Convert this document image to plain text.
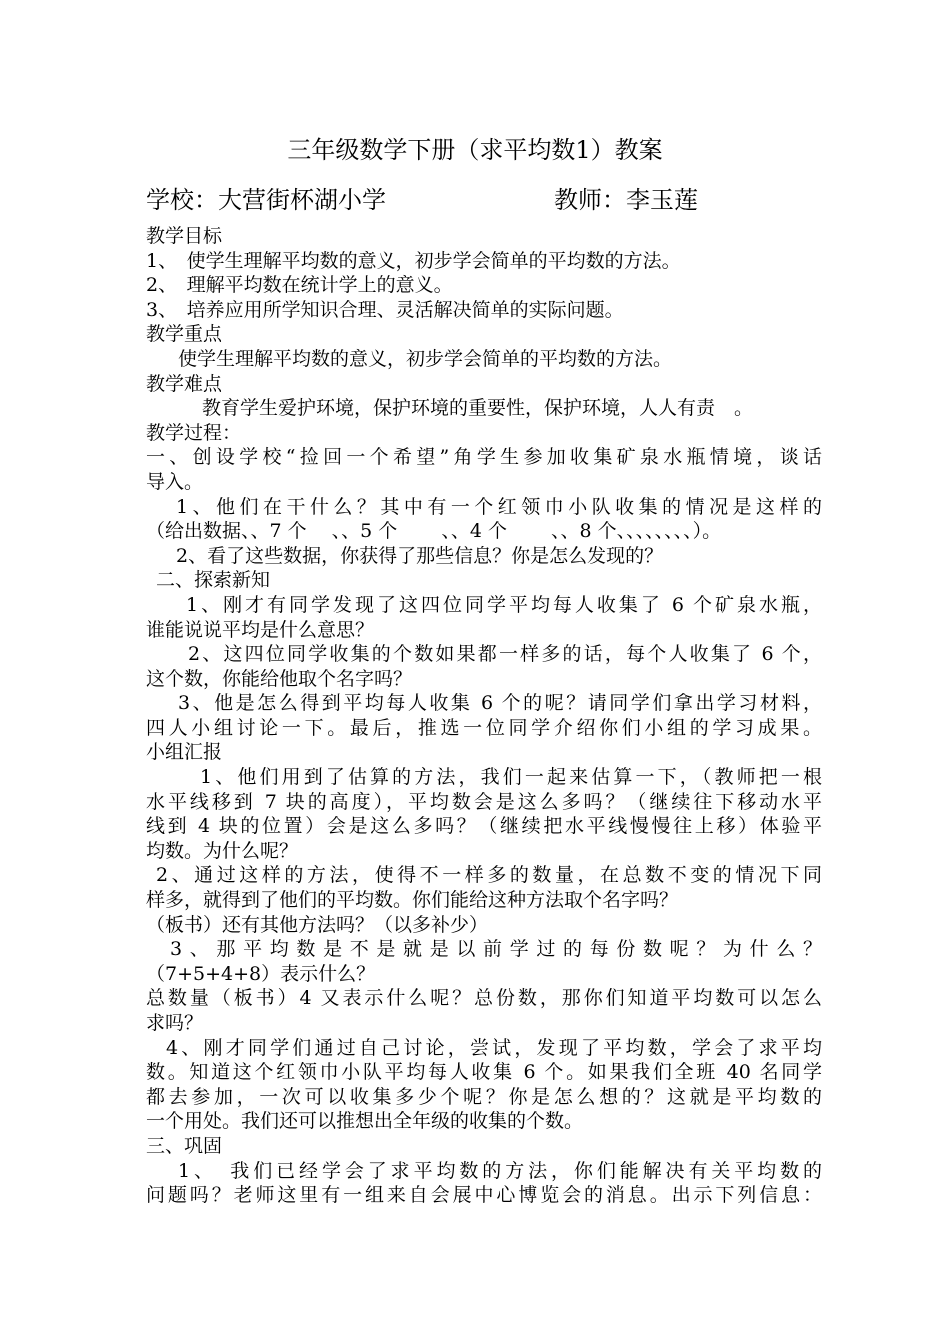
三年级数学下册（求平均数1）教案
学校：大营街杯湖小学	教师：李玉莲
教学目标
1、　使学生理解平均数的意义，初步学会简单的平均数的方法。
2、　理解平均数在统计学上的意义。
3、　培养应用所学知识合理、灵活解决简单的实际问题。
教学重点
使学生理解平均数的意义，初步学会简单的平均数的方法。
教学难点
教育学生爱护环境，保护环境的重要性，保护环境，人人有责　。
教学过程：
一、创设学校“捡回一个希望”角学生参加收集矿泉水瓶情境，谈话
导入。
1、他们在干什么？其中有一个红领巾小队收集的情况是这样的
（给出数据、、7 个　 、、5 个　　 、、4 个　　 、、8 个、、、、、、、、）。
2、看了这些数据，你获得了那些信息？你是怎么发现的？
二、探索新知
1、刚才有同学发现了这四位同学平均每人收集了 6 个矿泉水瓶，
谁能说说平均是什么意思？
2、这四位同学收集的个数如果都一样多的话，每个人收集了 6 个，
这个数，你能给他取个名字吗？
3、他是怎么得到平均每人收集 6 个的呢？请同学们拿出学习材料，
四人小组讨论一下。最后，推选一位同学介绍你们小组的学习成果。
小组汇报
1、他们用到了估算的方法，我们一起来估算一下，（教师把一根
水平线移到 7 块的高度），平均数会是这么多吗？（继续往下移动水平
线到 4 块的位置）会是这么多吗？（继续把水平线慢慢往上移）体验平
均数。为什么呢？
2、通过这样的方法，使得不一样多的数量，在总数不变的情况下同
样多，就得到了他们的平均数。你们能给这种方法取个名字吗？
（板书）还有其他方法吗？（以多补少）
3、那平均数是不是就是以前学过的每份数呢？为什么？
（7+5+4+8）表示什么？
总数量（板书）4 又表示什么呢？总份数，那你们知道平均数可以怎么
求吗？
4、刚才同学们通过自己讨论，尝试，发现了平均数，学会了求平均
数。知道这个红领巾小队平均每人收集 6 个。如果我们全班 40 名同学
都去参加，一次可以收集多少个呢？你是怎么想的？这就是平均数的
一个用处。我们还可以推想出全年级的收集的个数。
三、巩固
1、　我们已经学会了求平均数的方法，你们能解决有关平均数的
问题吗？老师这里有一组来自会展中心博览会的消息。出示下列信息：
